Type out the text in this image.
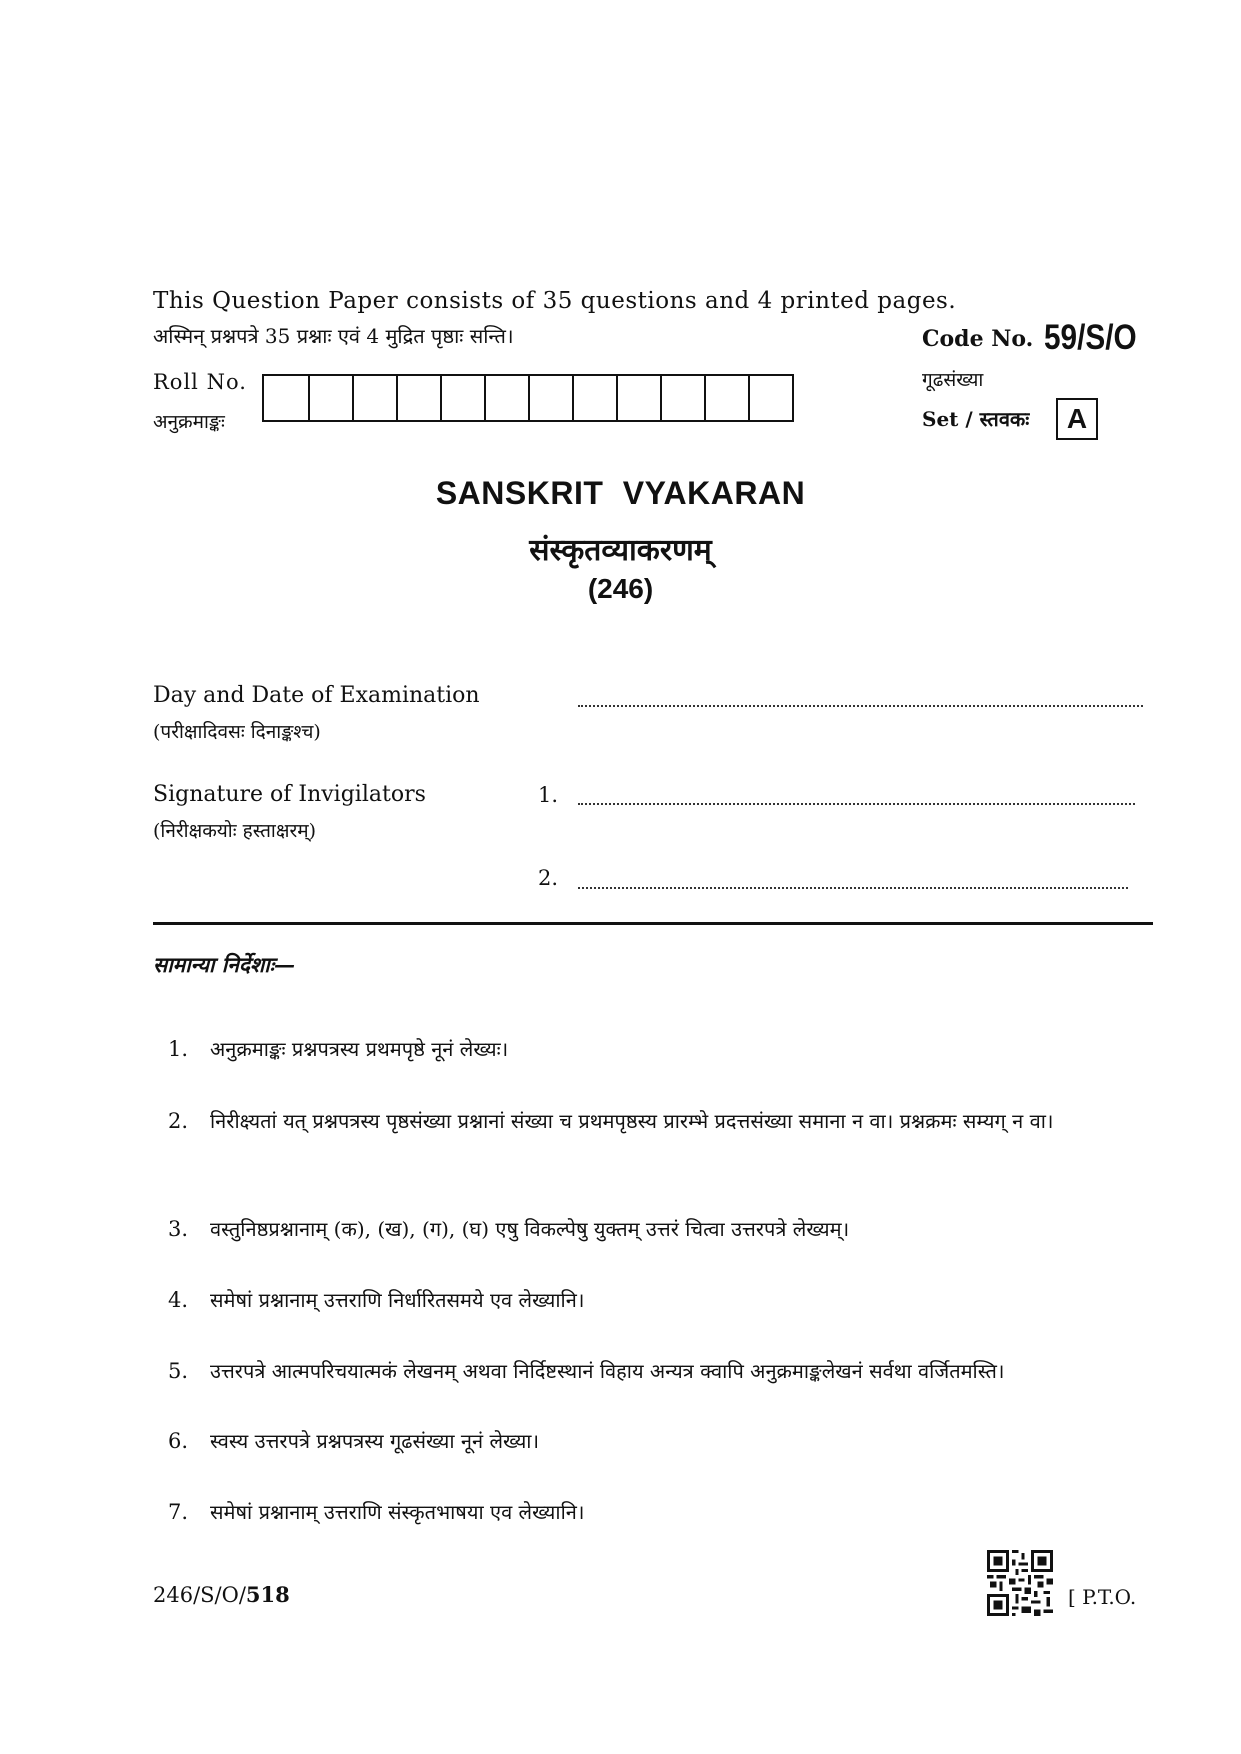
This Question Paper consists of 35 questions and 4 printed pages.
अस्मिन् प्रश्नपत्रे 35 प्रश्नाः एवं 4 मुद्रित पृष्ठाः सन्ति।	Code No. 59/S/O
गूढसंख्या
Set / स्तवकः	A
Roll No.
अनुक्रमाङ्कः
SANSKRIT VYAKARAN
संस्कृतव्याकरणम्
(246)
Day and Date of Examination
(परीक्षादिवसः दिनाङ्कश्च)
Signature of Invigilators
(निरीक्षकयोः हस्ताक्षरम्)
1.
2.
सामान्या निर्देशाः—
1. अनुक्रमाङ्कः प्रश्नपत्रस्य प्रथमपृष्ठे नूनं लेख्यः।
2. निरीक्ष्यतां यत् प्रश्नपत्रस्य पृष्ठसंख्या प्रश्नानां संख्या च प्रथमपृष्ठस्य प्रारम्भे प्रदत्तसंख्या समाना न वा। प्रश्नक्रमः सम्यग् न वा।
3. वस्तुनिष्ठप्रश्नानाम् (क), (ख), (ग), (घ) एषु विकल्पेषु युक्तम् उत्तरं चित्वा उत्तरपत्रे लेख्यम्।
4. समेषां प्रश्नानाम् उत्तराणि निर्धारितसमये एव लेख्यानि।
5. उत्तरपत्रे आत्मपरिचयात्मकं लेखनम् अथवा निर्दिष्टस्थानं विहाय अन्यत्र क्वापि अनुक्रमाङ्कलेखनं सर्वथा वर्जितमस्ति।
6. स्वस्य उत्तरपत्रे प्रश्नपत्रस्य गूढसंख्या नूनं लेख्या।
7. समेषां प्रश्नानाम् उत्तराणि संस्कृतभाषया एव लेख्यानि।
246/S/O/518	[ P.T.O.
